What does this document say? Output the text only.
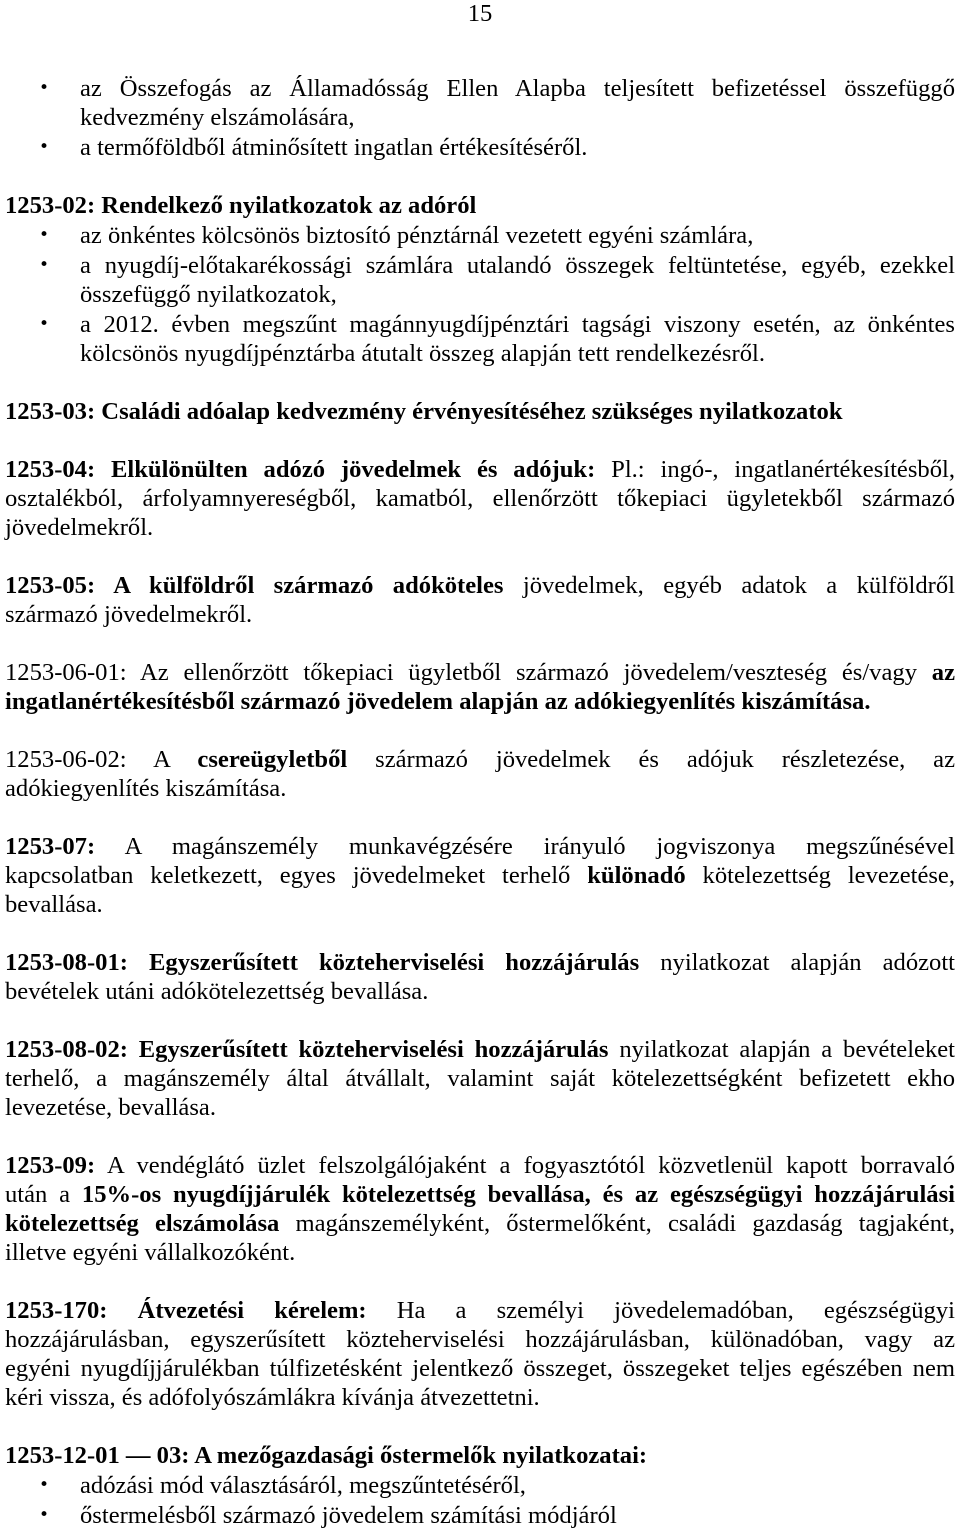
15
• az Összefogás az Államadósság Ellen Alapba teljesített befizetéssel összefüggő
kedvezmény elszámolására,
• a termőföldből átminősített ingatlan értékesítéséről.
1253-02: Rendelkező nyilatkozatok az adóról
• az önkéntes kölcsönös biztosító pénztárnál vezetett egyéni számlára,
• a nyugdíj-előtakarékossági számlára utalandó összegek feltüntetése, egyéb, ezekkel
összefüggő nyilatkozatok,
• a 2012. évben megszűnt magánnyugdíjpénztári tagsági viszony esetén, az önkéntes
kölcsönös nyugdíjpénztárba átutalt összeg alapján tett rendelkezésről.
1253-03: Családi adóalap kedvezmény érvényesítéséhez szükséges nyilatkozatok
1253-04: Elkülönülten adózó jövedelmek és adójuk: Pl.: ingó-, ingatlanértékesítésből,
osztalékból, árfolyamnyereségből, kamatból, ellenőrzött tőkepiaci ügyletekből származó
jövedelmekről.
1253-05: A külföldről származó adóköteles jövedelmek, egyéb adatok a külföldről
származó jövedelmekről.
1253-06-01: Az ellenőrzött tőkepiaci ügyletből származó jövedelem/veszteség és/vagy az
ingatlanértékesítésből származó jövedelem alapján az adókiegyenlítés kiszámítása.
1253-06-02: A csereügyletből származó jövedelmek és adójuk részletezése, az
adókiegyenlítés kiszámítása.
1253-07: A magánszemély munkavégzésére irányuló jogviszonya megszűnésével
kapcsolatban keletkezett, egyes jövedelmeket terhelő különadó kötelezettség levezetése,
bevallása.
1253-08-01: Egyszerűsített közteherviselési hozzájárulás nyilatkozat alapján adózott
bevételek utáni adókötelezettség bevallása.
1253-08-02: Egyszerűsített közteherviselési hozzájárulás nyilatkozat alapján a bevételeket
terhelő, a magánszemély által átvállalt, valamint saját kötelezettségként befizetett ekho
levezetése, bevallása.
1253-09: A vendéglátó üzlet felszolgálójaként a fogyasztótól közvetlenül kapott borravaló
után a 15%-os nyugdíjjárulék kötelezettség bevallása, és az egészségügyi hozzájárulási
kötelezettség elszámolása magánszemélyként, őstermelőként, családi gazdaság tagjaként,
illetve egyéni vállalkozóként.
1253-170: Átvezetési kérelem: Ha a személyi jövedelemadóban, egészségügyi
hozzájárulásban, egyszerűsített közteherviselési hozzájárulásban, különadóban, vagy az
egyéni nyugdíjjárulékban túlfizetésként jelentkező összeget, összegeket teljes egészében nem
kéri vissza, és adófolyószámlákra kívánja átvezettetni.
1253-12-01 — 03: A mezőgazdasági őstermelők nyilatkozatai:
• adózási mód választásáról, megszűntetéséről,
• őstermelésből származó jövedelem számítási módjáról
